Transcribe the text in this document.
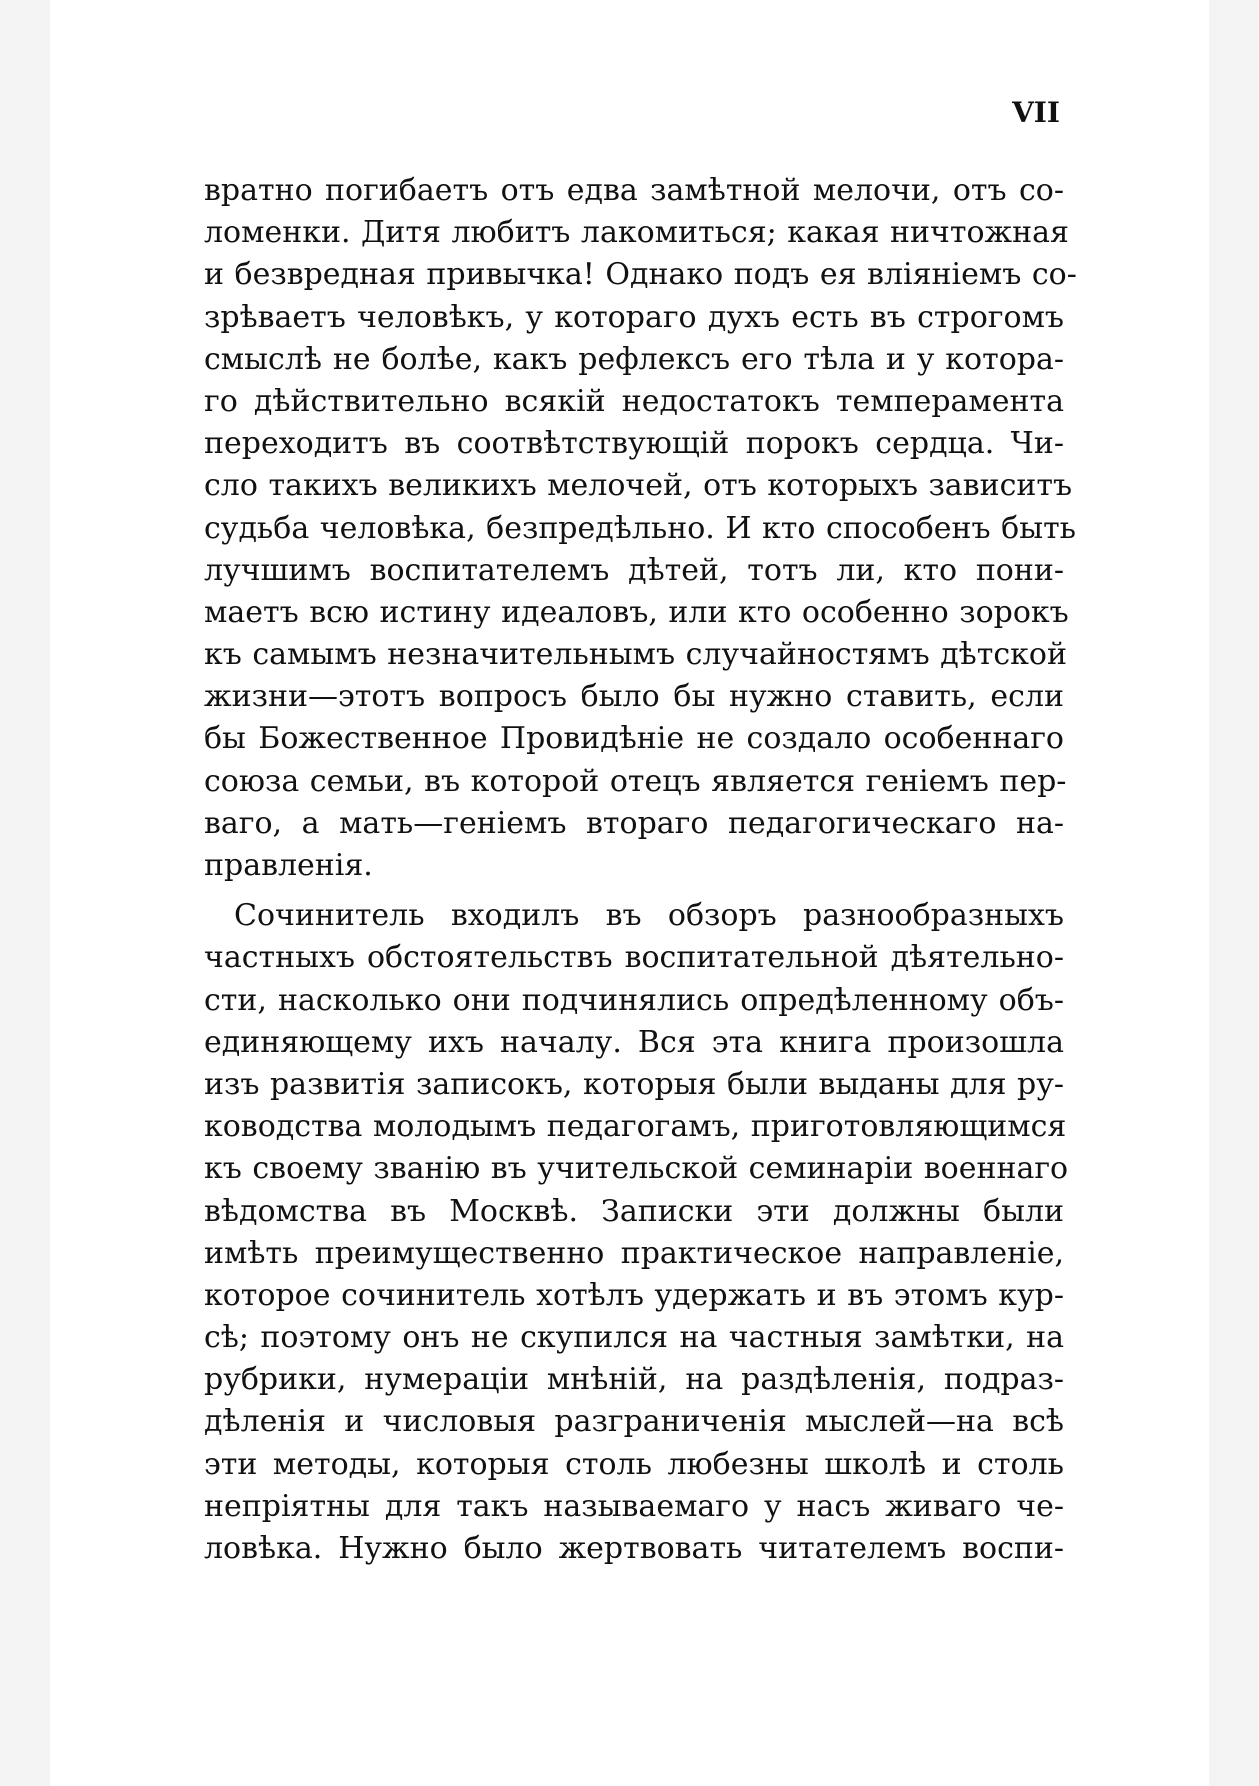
VII
вратно погибаетъ отъ едва замѣтной мелочи, отъ со-
ломенки. Дитя любитъ лакомиться; какая ничтожная
и безвредная привычка! Однако подъ ея вліяніемъ со-
зрѣваетъ человѣкъ, у котораго духъ есть въ строгомъ
смыслѣ не болѣе, какъ рефлексъ его тѣла и у котора-
го дѣйствительно всякій недостатокъ темперамента
переходитъ въ соотвѣтствующій порокъ сердца. Чи-
сло такихъ великихъ мелочей, отъ которыхъ зависитъ
судьба человѣка, безпредѣльно. И кто способенъ быть
лучшимъ воспитателемъ дѣтей, тотъ ли, кто пони-
маетъ всю истину идеаловъ, или кто особенно зорокъ
къ самымъ незначительнымъ случайностямъ дѣтской
жизни—этотъ вопросъ было бы нужно ставить, если
бы Божественное Провидѣніе не создало особеннаго
союза семьи, въ которой отецъ является геніемъ пер-
ваго, а мать—геніемъ втораго педагогическаго на-
правленія.
Сочинитель входилъ въ обзоръ разнообразныхъ
частныхъ обстоятельствъ воспитательной дѣятельно-
сти, насколько они подчинялись опредѣленному объ-
единяющему ихъ началу. Вся эта книга произошла
изъ развитія записокъ, которыя были выданы для ру-
ководства молодымъ педагогамъ, приготовляющимся
къ своему званію въ учительской семинаріи военнаго
вѣдомства въ Москвѣ. Записки эти должны были
имѣть преимущественно практическое направленіе,
которое сочинитель хотѣлъ удержать и въ этомъ кур-
сѣ; поэтому онъ не скупился на частныя замѣтки, на
рубрики, нумераціи мнѣній, на раздѣленія, подраз-
дѣленія и числовыя разграниченія мыслей—на всѣ
эти методы, которыя столь любезны школѣ и столь
непріятны для такъ называемаго у насъ живаго че-
ловѣка. Нужно было жертвовать читателемъ воспи-
